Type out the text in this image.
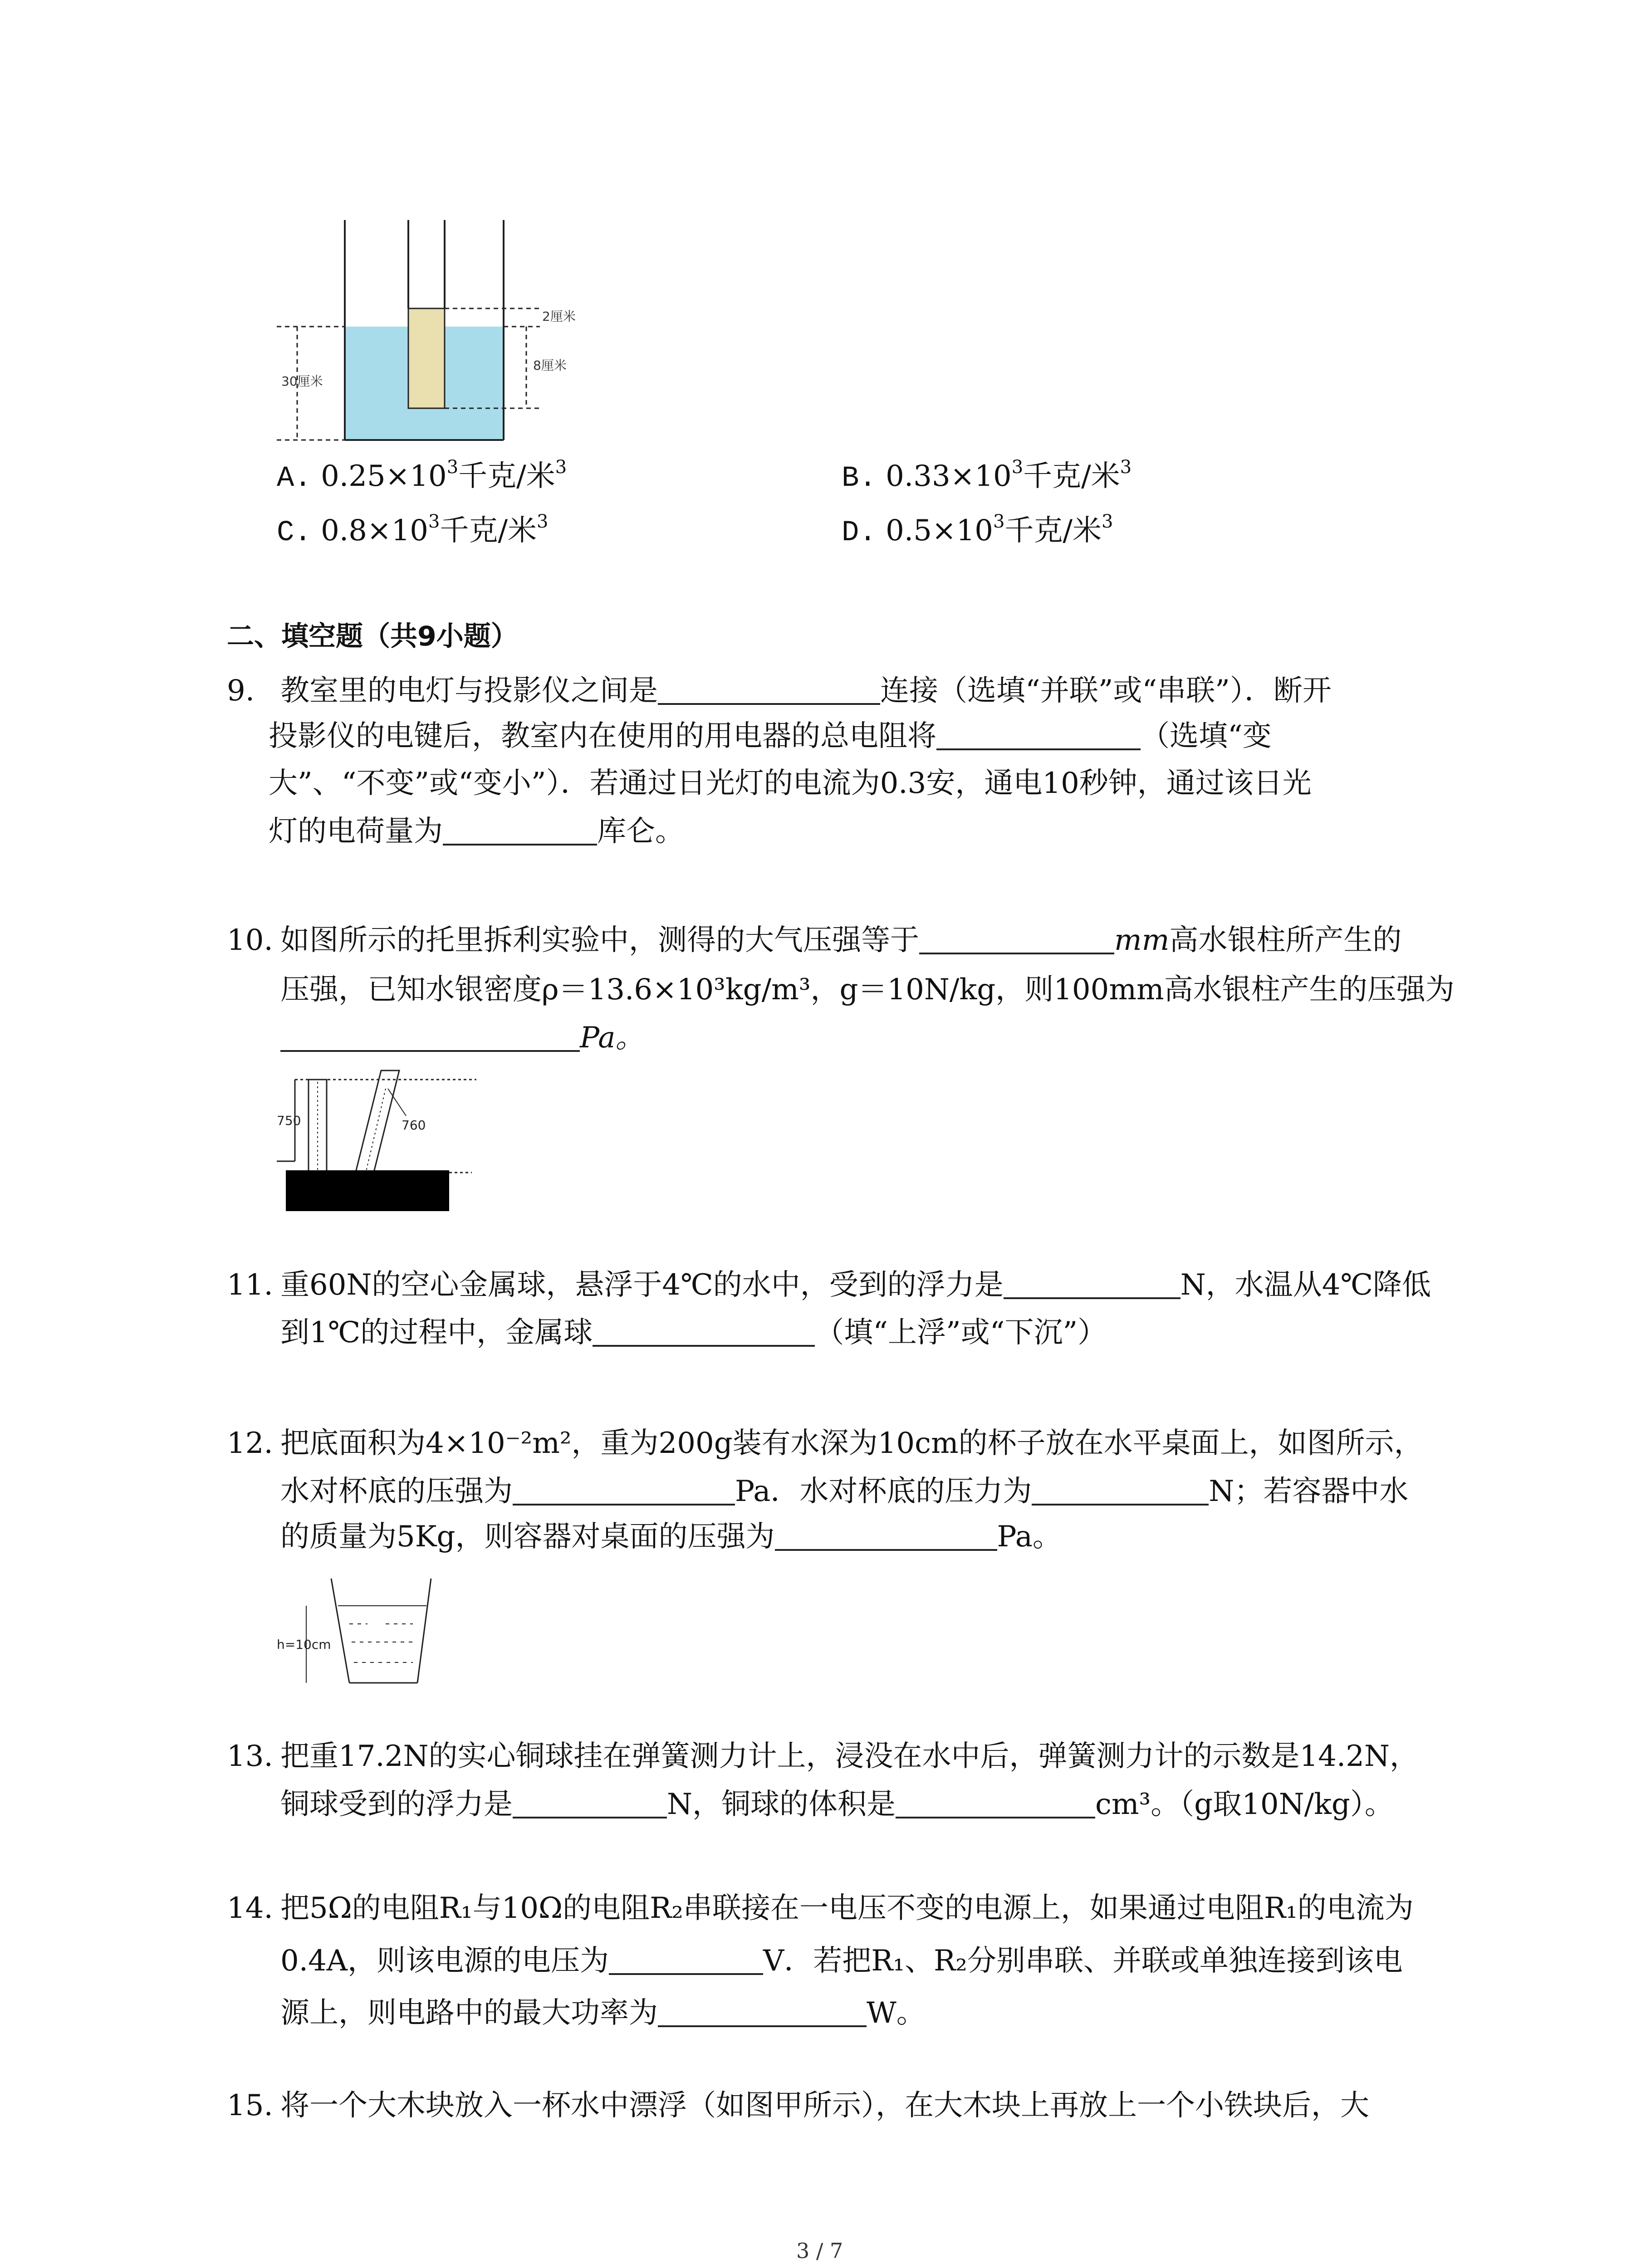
2厘米
8厘米
30厘米
A. $0.25\times 10^3$千克/米$^3$	B. $0.33\times 10^3$千克/米$^3$
C. $0.8\times 10^3$千克/米$^3$	D. $0.5\times 10^3$千克/米$^3$
二、填空题（共9小题）
9. 教室里的电灯与投影仪之间是	连接（选填“并联”或“串联”）．断开
投影仪的电键后，教室内在使用的用电器的总电阻将	（选填“变
大”、“不变”或“变小”）．若通过日光灯的电流为0.3安，通电10秒钟，通过该日光
灯的电荷量为	库仑。
10. 如图所示的托里拆利实验中，测得的大气压强等于	mm高水银柱所产生的
压强，已知水银密度ρ＝13.6×10³kg/m³，g＝10N/kg，则100mm高水银柱产生的压强为
Pa。
750	760
11. 重60N的空心金属球，悬浮于4℃的水中，受到的浮力是	N，水温从4℃降低
到1℃的过程中，金属球	（填“上浮”或“下沉”）
12. 把底面积为4×10⁻²m²，重为200g装有水深为10cm的杯子放在水平桌面上，如图所示，
水对杯底的压强为	Pa．水对杯底的压力为	N；若容器中水
的质量为5Kg，则容器对桌面的压强为	Pa。
h=10cm
13. 把重17.2N的实心铜球挂在弹簧测力计上，浸没在水中后，弹簧测力计的示数是14.2N，
铜球受到的浮力是	N，铜球的体积是	cm³。（g取10N/kg）。
14. 把5Ω的电阻R₁与10Ω的电阻R₂串联接在一电压不变的电源上，如果通过电阻R₁的电流为
0.4A，则该电源的电压为	V．若把R₁、R₂分别串联、并联或单独连接到该电
源上，则电路中的最大功率为	W。
15. 将一个大木块放入一杯水中漂浮（如图甲所示），在大木块上再放上一个小铁块后，大
3 / 7
